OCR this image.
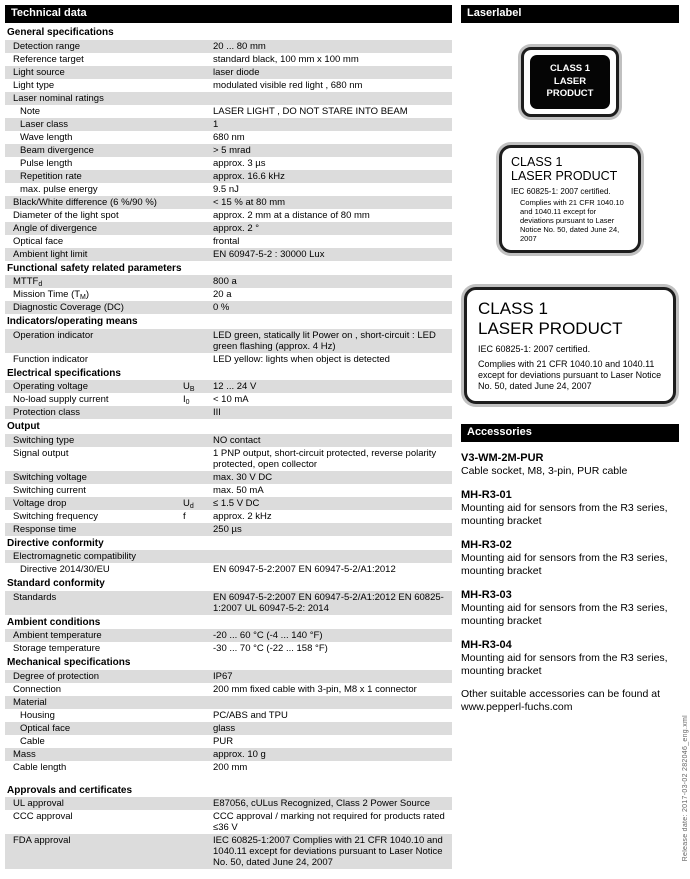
Technical data
General specifications
Detection range	20 ... 80 mm
Reference target	standard black, 100 mm x 100 mm
Light source	laser diode
Light type	modulated visible red light , 680 nm
Laser nominal ratings
Note	LASER LIGHT , DO NOT STARE INTO BEAM
Laser class	1
Wave length	680 nm
Beam divergence	> 5 mrad
Pulse length	approx. 3 µs
Repetition rate	approx. 16.6 kHz
max. pulse energy	9.5 nJ
Black/White difference (6 %/90 %)	< 15 % at 80 mm
Diameter of the light spot	approx. 2 mm at a distance of 80 mm
Angle of divergence	approx. 2 °
Optical face	frontal
Ambient light limit	EN 60947-5-2 : 30000 Lux
Functional safety related parameters
$MTTF_d$	800 a
Mission Time $(T_M)$	20 a
Diagnostic Coverage (DC)	0 %
Indicators/operating means
Operation indicator	LED green, statically lit Power on , short-circuit : LED green flashing (approx. 4 Hz)
Function indicator	LED yellow: lights when object is detected
Electrical specifications
Operating voltage	$U_B$	12 ... 24 V
No-load supply current	$I_0$	< 10 mA
Protection class	III
Output
Switching type	NO contact
Signal output	1 PNP output, short-circuit protected, reverse polarity protected, open collector
Switching voltage	max. 30 V DC
Switching current	max. 50 mA
Voltage drop	$U_d$	≤ 1.5 V DC
Switching frequency	f	approx. 2 kHz
Response time	250 µs
Directive conformity
Electromagnetic compatibility
Directive 2014/30/EU	EN 60947-5-2:2007 EN 60947-5-2/A1:2012
Standard conformity
Standards	EN 60947-5-2:2007 EN 60947-5-2/A1:2012 EN 60825-1:2007 UL 60947-5-2: 2014
Ambient conditions
Ambient temperature	-20 ... 60 °C (-4 ... 140 °F)
Storage temperature	-30 ... 70 °C (-22 ... 158 °F)
Mechanical specifications
Degree of protection	IP67
Connection	200 mm fixed cable with 3-pin, M8 x 1 connector
Material
Housing	PC/ABS and TPU
Optical face	glass
Cable	PUR
Mass	approx. 10 g
Cable length	200 mm
Approvals and certificates
UL approval	E87056, cULus Recognized, Class 2 Power Source
CCC approval	CCC approval / marking not required for products rated ≤36 V
FDA approval	IEC 60825-1:2007 Complies with 21 CFR 1040.10 and 1040.11 except for deviations pursuant to Laser Notice No. 50, dated June 24, 2007
Laserlabel
CLASS 1
LASER
PRODUCT
CLASS 1
LASER PRODUCT
IEC 60825-1: 2007 certified.
Complies with 21 CFR 1040.10 and 1040.11 except for deviations pursuant to Laser Notice No. 50, dated June 24, 2007
CLASS 1
LASER PRODUCT
IEC 60825-1: 2007 certified.
Complies with 21 CFR 1040.10 and 1040.11 except for deviations pursuant to Laser Notice No. 50, dated June 24, 2007
Accessories
V3-WM-2M-PUR
Cable socket, M8, 3-pin, PUR cable
MH-R3-01
Mounting aid for sensors from the R3 series, mounting bracket
MH-R3-02
Mounting aid for sensors from the R3 series, mounting bracket
MH-R3-03
Mounting aid for sensors from the R3 series, mounting bracket
MH-R3-04
Mounting aid for sensors from the R3 series, mounting bracket
Other suitable accessories can be found at www.pepperl-fuchs.com
Release date: 2017-03-02 282046_eng.xml
